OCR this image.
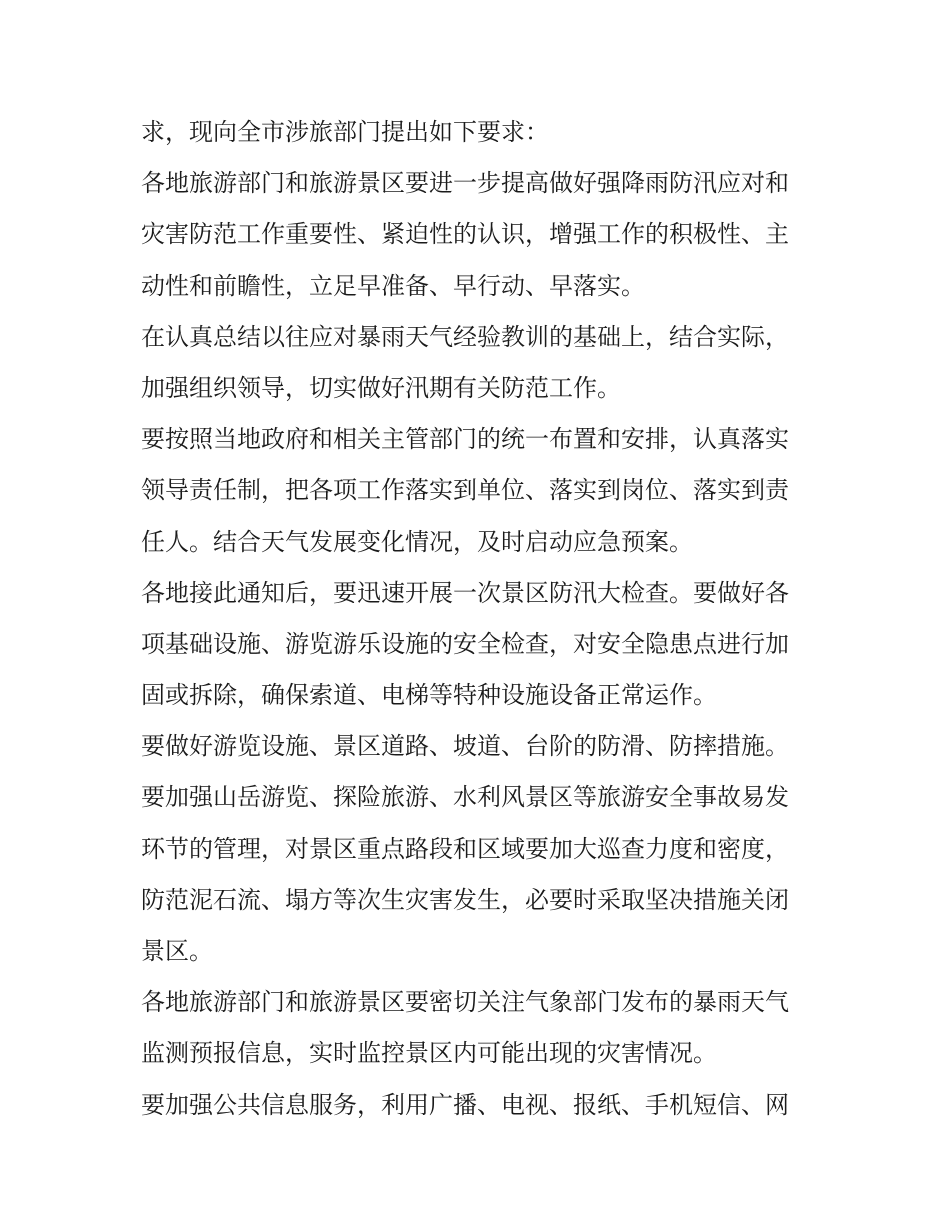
求，现向全市涉旅部门提出如下要求：
各地旅游部门和旅游景区要进一步提高做好强降雨防汛应对和
灾害防范工作重要性、紧迫性的认识，增强工作的积极性、主
动性和前瞻性，立足早准备、早行动、早落实。
在认真总结以往应对暴雨天气经验教训的基础上，结合实际，
加强组织领导，切实做好汛期有关防范工作。
要按照当地政府和相关主管部门的统一布置和安排，认真落实
领导责任制，把各项工作落实到单位、落实到岗位、落实到责
任人。结合天气发展变化情况，及时启动应急预案。
各地接此通知后，要迅速开展一次景区防汛大检查。要做好各
项基础设施、游览游乐设施的安全检查，对安全隐患点进行加
固或拆除，确保索道、电梯等特种设施设备正常运作。
要做好游览设施、景区道路、坡道、台阶的防滑、防摔措施。
要加强山岳游览、探险旅游、水利风景区等旅游安全事故易发
环节的管理，对景区重点路段和区域要加大巡查力度和密度，
防范泥石流、塌方等次生灾害发生，必要时采取坚决措施关闭
景区。
各地旅游部门和旅游景区要密切关注气象部门发布的暴雨天气
监测预报信息，实时监控景区内可能出现的灾害情况。
要加强公共信息服务，利用广播、电视、报纸、手机短信、网
